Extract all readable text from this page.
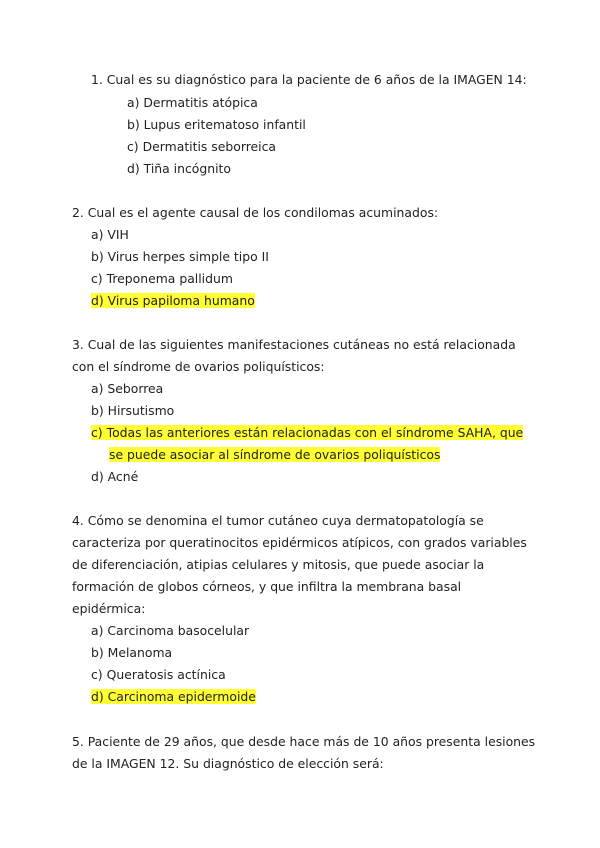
1. Cual es su diagnóstico para la paciente de 6 años de la IMAGEN 14:
a) Dermatitis atópica
b) Lupus eritematoso infantil
c) Dermatitis seborreica
d) Tiña incógnito
2. Cual es el agente causal de los condilomas acuminados:
a) VIH
b) Virus herpes simple tipo II
c) Treponema pallidum
d) Virus papiloma humano
3. Cual de las siguientes manifestaciones cutáneas no está relacionada
con el síndrome de ovarios poliquísticos:
a) Seborrea
b) Hirsutismo
c) Todas las anteriores están relacionadas con el síndrome SAHA, que
se puede asociar al síndrome de ovarios poliquísticos
d) Acné
4. Cómo se denomina el tumor cutáneo cuya dermatopatología se
caracteriza por queratinocitos epidérmicos atípicos, con grados variables
de diferenciación, atipias celulares y mitosis, que puede asociar la
formación de globos córneos, y que infiltra la membrana basal
epidérmica:
a) Carcinoma basocelular
b) Melanoma
c) Queratosis actínica
d) Carcinoma epidermoide
5. Paciente de 29 años, que desde hace más de 10 años presenta lesiones
de la IMAGEN 12. Su diagnóstico de elección será:
